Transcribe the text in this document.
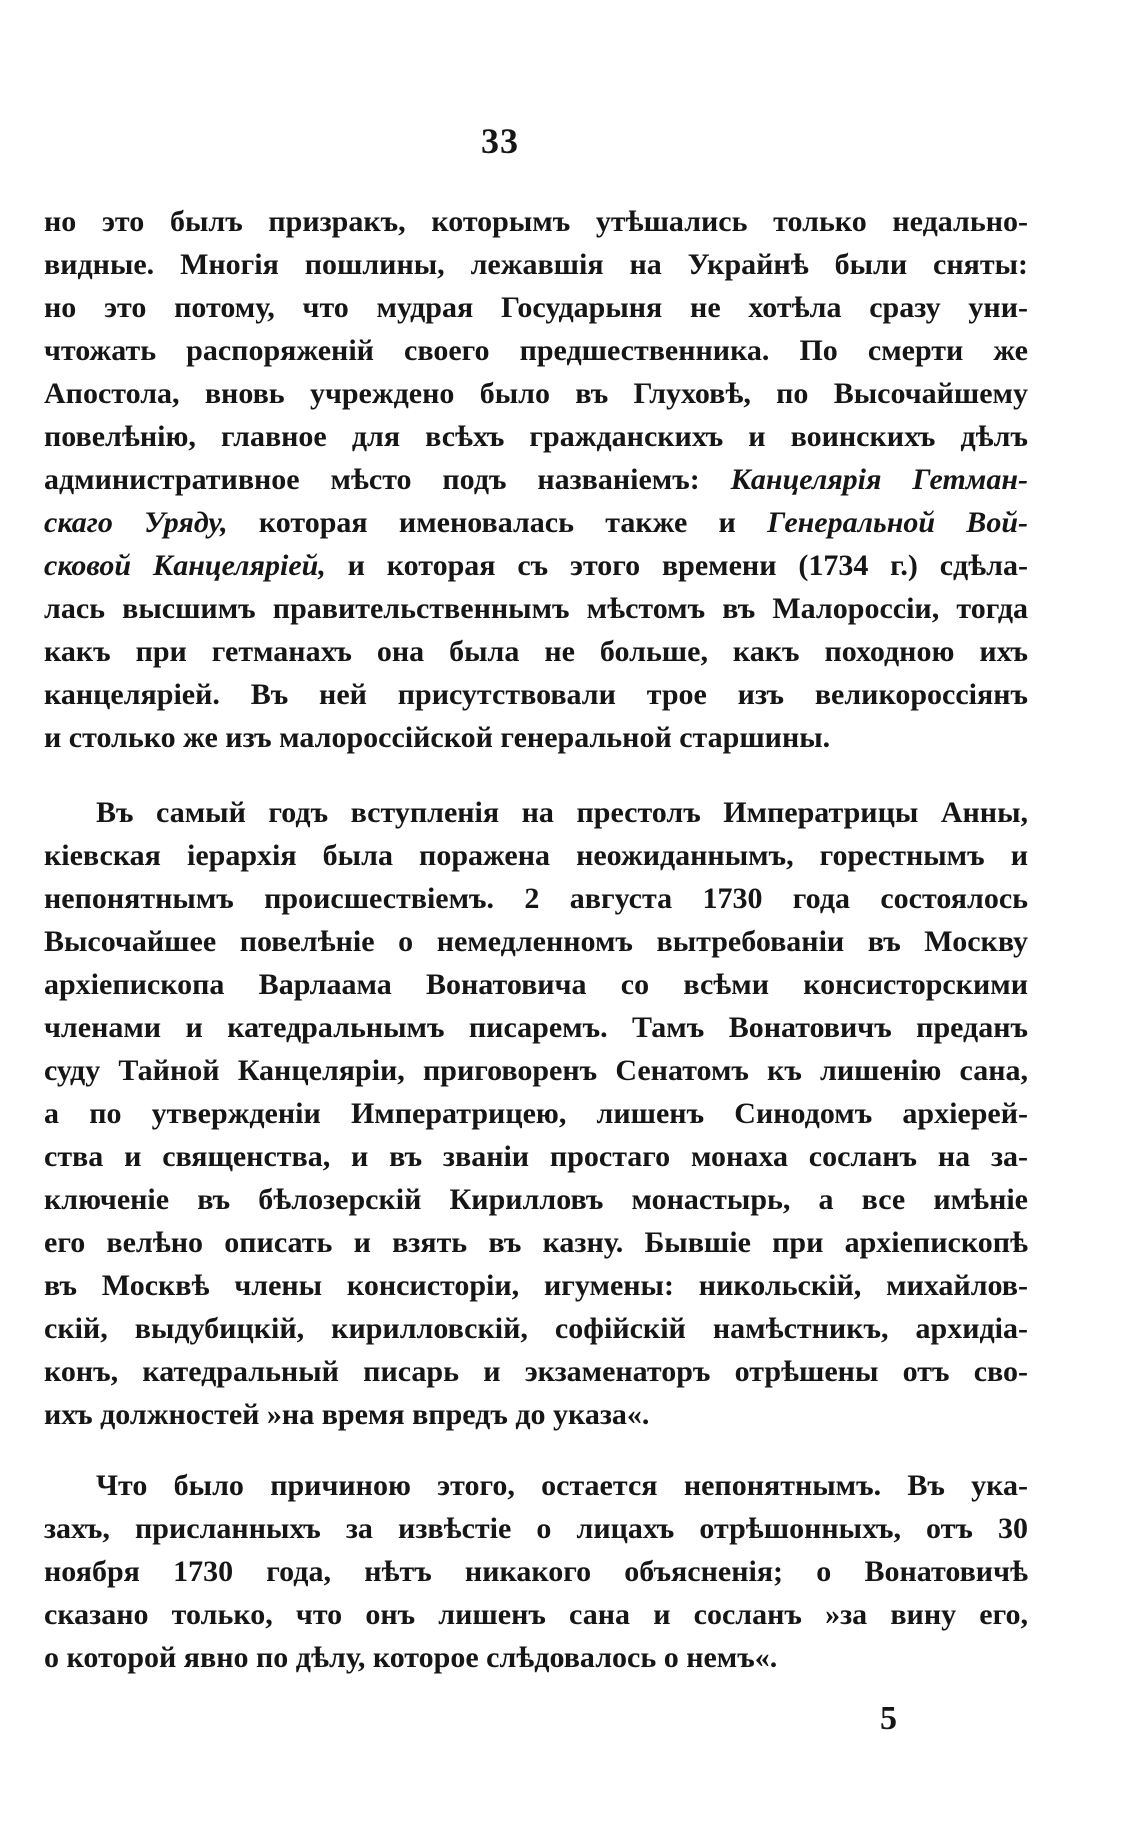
33

но это былъ призракъ, которымъ утѣшались только недально-
видные. Многія пошлины, лежавшія на Украйнѣ были сняты:
но это потому, что мудрая Государыня не хотѣла сразу уни-
чтожать распоряженій своего предшественника. По смерти же
Апостола, вновь учреждено было въ Глуховѣ, по Высочайшему
повелѣнію, главное для всѣхъ гражданскихъ и воинскихъ дѣлъ
административное мѣсто подъ названіемъ: Канцелярія Гетман-
скаго Уряду, которая именовалась также и Генеральной Вой-
сковой Канцеляріей, и которая съ этого времени (1734 г.) сдѣла-
лась высшимъ правительственнымъ мѣстомъ въ Малороссіи, тогда
какъ при гетманахъ она была не больше, какъ походною ихъ
канцеляріей. Въ ней присутствовали трое изъ великороссіянъ
и столько же изъ малороссійской генеральной старшины.

Въ самый годъ вступленія на престолъ Императрицы Анны,
кіевская іерархія была поражена неожиданнымъ, горестнымъ и
непонятнымъ происшествіемъ. 2 августа 1730 года состоялось
Высочайшее повелѣніе о немедленномъ вытребованіи въ Москву
архіепископа Варлаама Вонатовича со всѣми консисторскими
членами и катедральнымъ писаремъ. Тамъ Вонатовичъ преданъ
суду Тайной Канцеляріи, приговоренъ Сенатомъ къ лишенію сана,
а по утвержденіи Императрицею, лишенъ Синодомъ архіерей-
ства и священства, и въ званіи простаго монаха сосланъ на за-
ключеніе въ бѣлозерскій Кирилловъ монастырь, а все имѣніе
его велѣно описать и взять въ казну. Бывшіе при архіепископѣ
въ Москвѣ члены консисторіи, игумены: никольскій, михайлов-
скій, выдубицкій, кирилловскій, софійскій намѣстникъ, архидіа-
конъ, катедральный писарь и экзаменаторъ отрѣшены отъ сво-
ихъ должностей »на время впредъ до указа«.

Что было причиною этого, остается непонятнымъ. Въ ука-
захъ, присланныхъ за извѣстіе о лицахъ отрѣшонныхъ, отъ 30
ноября 1730 года, нѣтъ никакого объясненія; о Вонатовичѣ
сказано только, что онъ лишенъ сана и сосланъ »за вину его,
о которой явно по дѣлу, которое слѣдовалось о немъ«.

5
